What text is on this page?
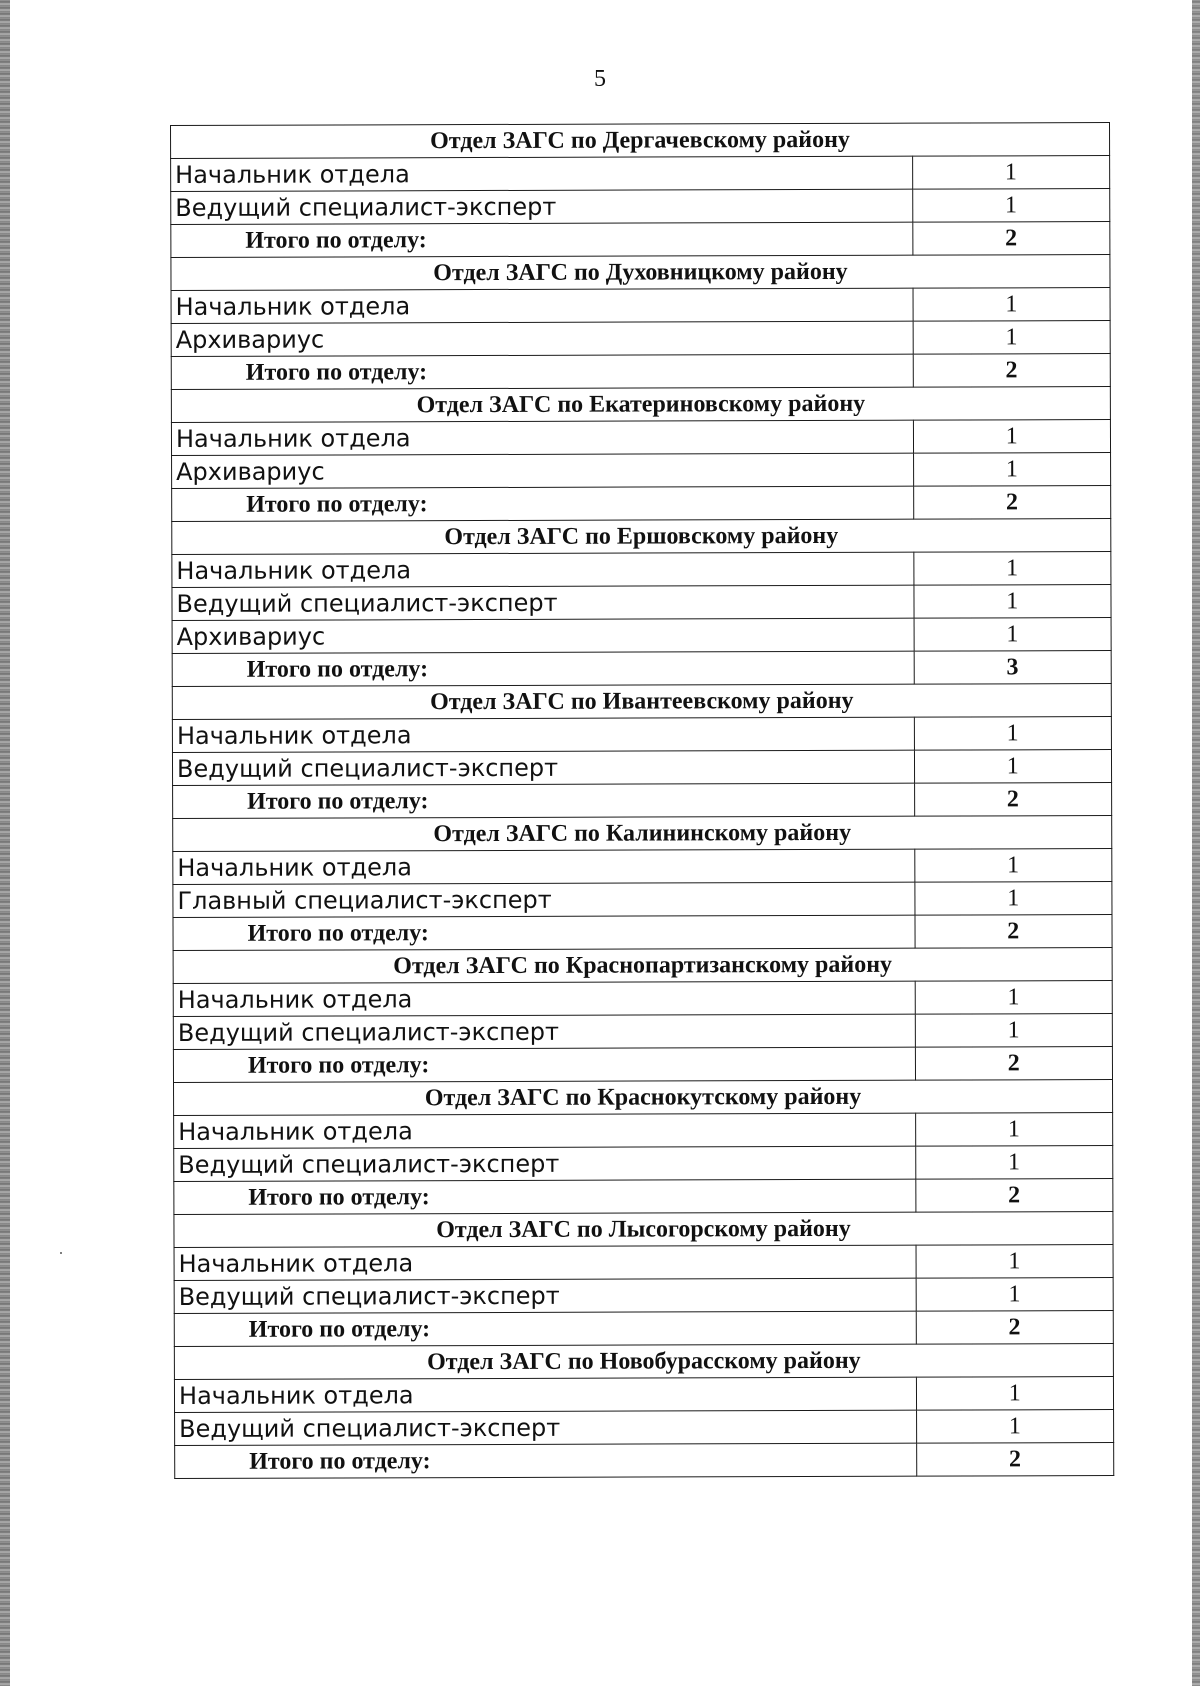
5
Отдел ЗАГС по Дергачевскому району	
Начальник отдела	1
Ведущий специалист-эксперт	1
Итого по отделу:	2
Отдел ЗАГС по Духовницкому району	
Начальник отдела	1
Архивариус	1
Итого по отделу:	2
Отдел ЗАГС по Екатериновскому району	
Начальник отдела	1
Архивариус	1
Итого по отделу:	2
Отдел ЗАГС по Ершовскому району	
Начальник отдела	1
Ведущий специалист-эксперт	1
Архивариус	1
Итого по отделу:	3
Отдел ЗАГС по Ивантеевскому району	
Начальник отдела	1
Ведущий специалист-эксперт	1
Итого по отделу:	2
Отдел ЗАГС по Калининскому району	
Начальник отдела	1
Главный специалист-эксперт	1
Итого по отделу:	2
Отдел ЗАГС по Краснопартизанскому району	
Начальник отдела	1
Ведущий специалист-эксперт	1
Итого по отделу:	2
Отдел ЗАГС по Краснокутскому району	
Начальник отдела	1
Ведущий специалист-эксперт	1
Итого по отделу:	2
Отдел ЗАГС по Лысогорскому району	
Начальник отдела	1
Ведущий специалист-эксперт	1
Итого по отделу:	2
Отдел ЗАГС по Новобурасскому району	
Начальник отдела	1
Ведущий специалист-эксперт	1
Итого по отделу:	2
